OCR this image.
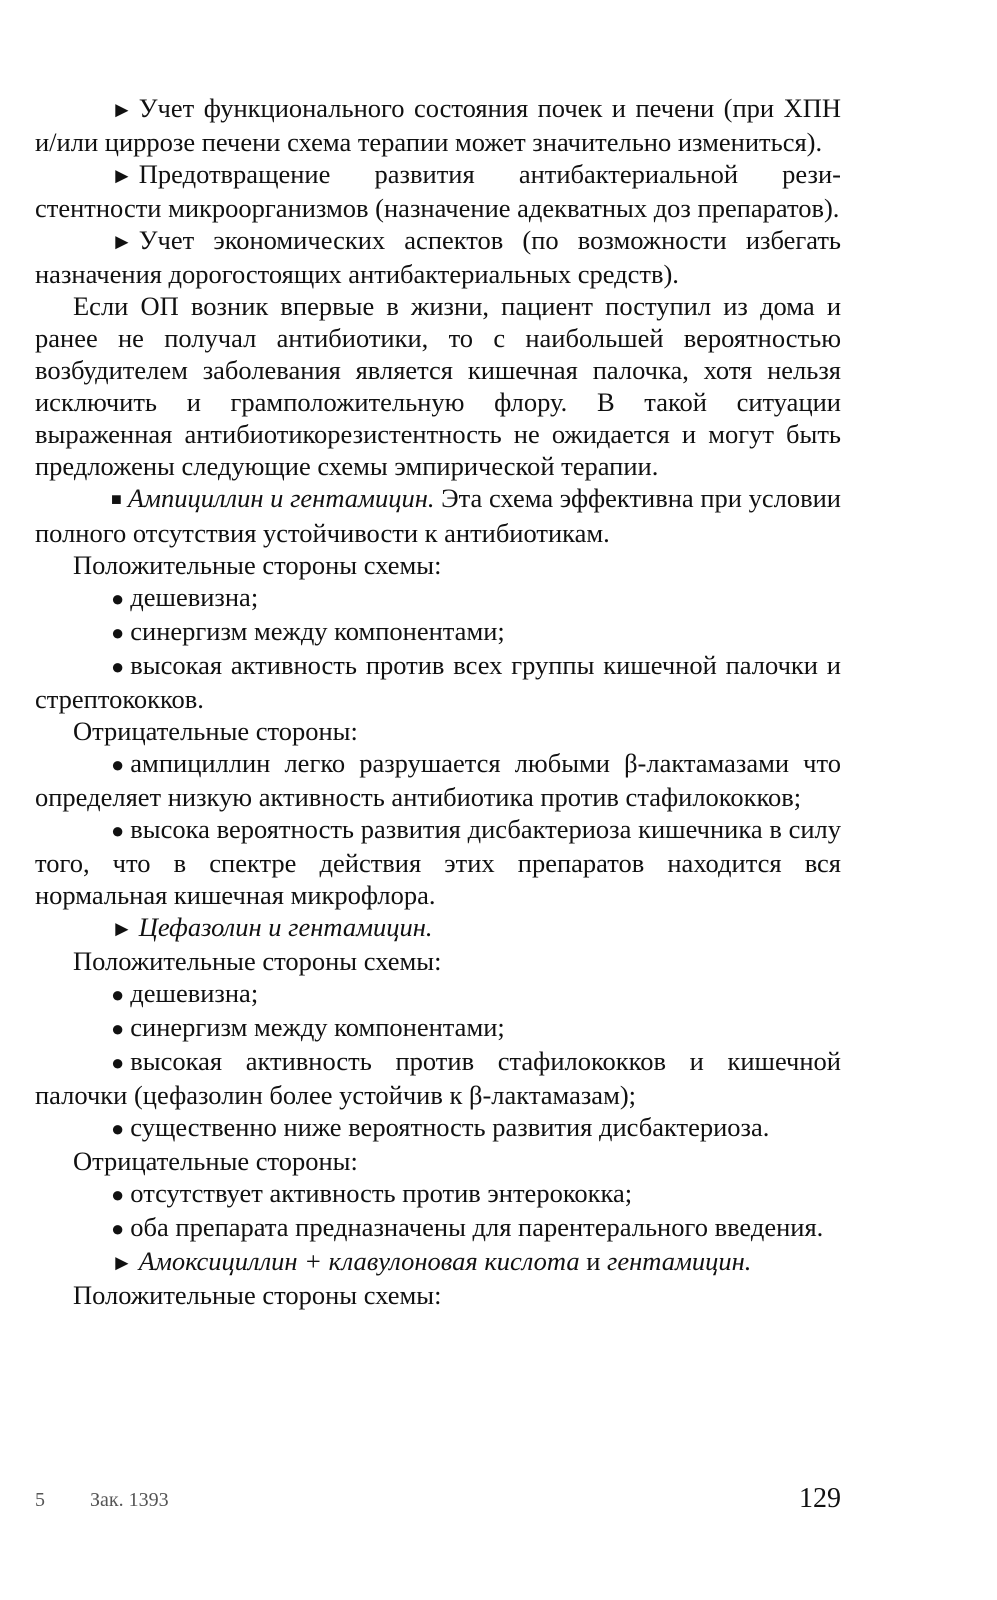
► Учет функционального состояния почек и печени (при ХПН и/или циррозе печени схема терапии может значительно измениться).

► Предотвращение развития антибактериальной резистентности микроорганизмов (назначение адекватных доз препаратов).

► Учет экономических аспектов (по возможности избегать назначения дорогостоящих антибактериальных средств).

Если ОП возник впервые в жизни, пациент поступил из дома и ранее не получал антибиотики, то с наибольшей вероятностью возбудителем заболевания является кишечная палочка, хотя нельзя исключить и грамположительную флору. В такой ситуации выраженная антибиотикорезистентность не ожидается и могут быть предложены следующие схемы эмпирической терапии.

■ Ампициллин и гентамицин. Эта схема эффективна при условии полного отсутствия устойчивости к антибиотикам.

Положительные стороны схемы:

● дешевизна;

● синергизм между компонентами;

● высокая активность против всех группы кишечной палочки и стрептококков.

Отрицательные стороны:

● ампициллин легко разрушается любыми β-лактамазами что определяет низкую активность антибиотика против стафилококков;

● высока вероятность развития дисбактериоза кишечника в силу того, что в спектре действия этих препаратов находится вся нормальная кишечная микрофлора.

► Цефазолин и гентамицин.

Положительные стороны схемы:

● дешевизна;

● синергизм между компонентами;

● высокая активность против стафилококков и кишечной палочки (цефазолин более устойчив к β-лактамазам);

● существенно ниже вероятность развития дисбактериоза.

Отрицательные стороны:

● отсутствует активность против энтерококка;

● оба препарата предназначены для парентерального введения.

► Амоксициллин + клавулоновая кислота и гентамицин.

Положительные стороны схемы:

5 Зак. 1393	129
